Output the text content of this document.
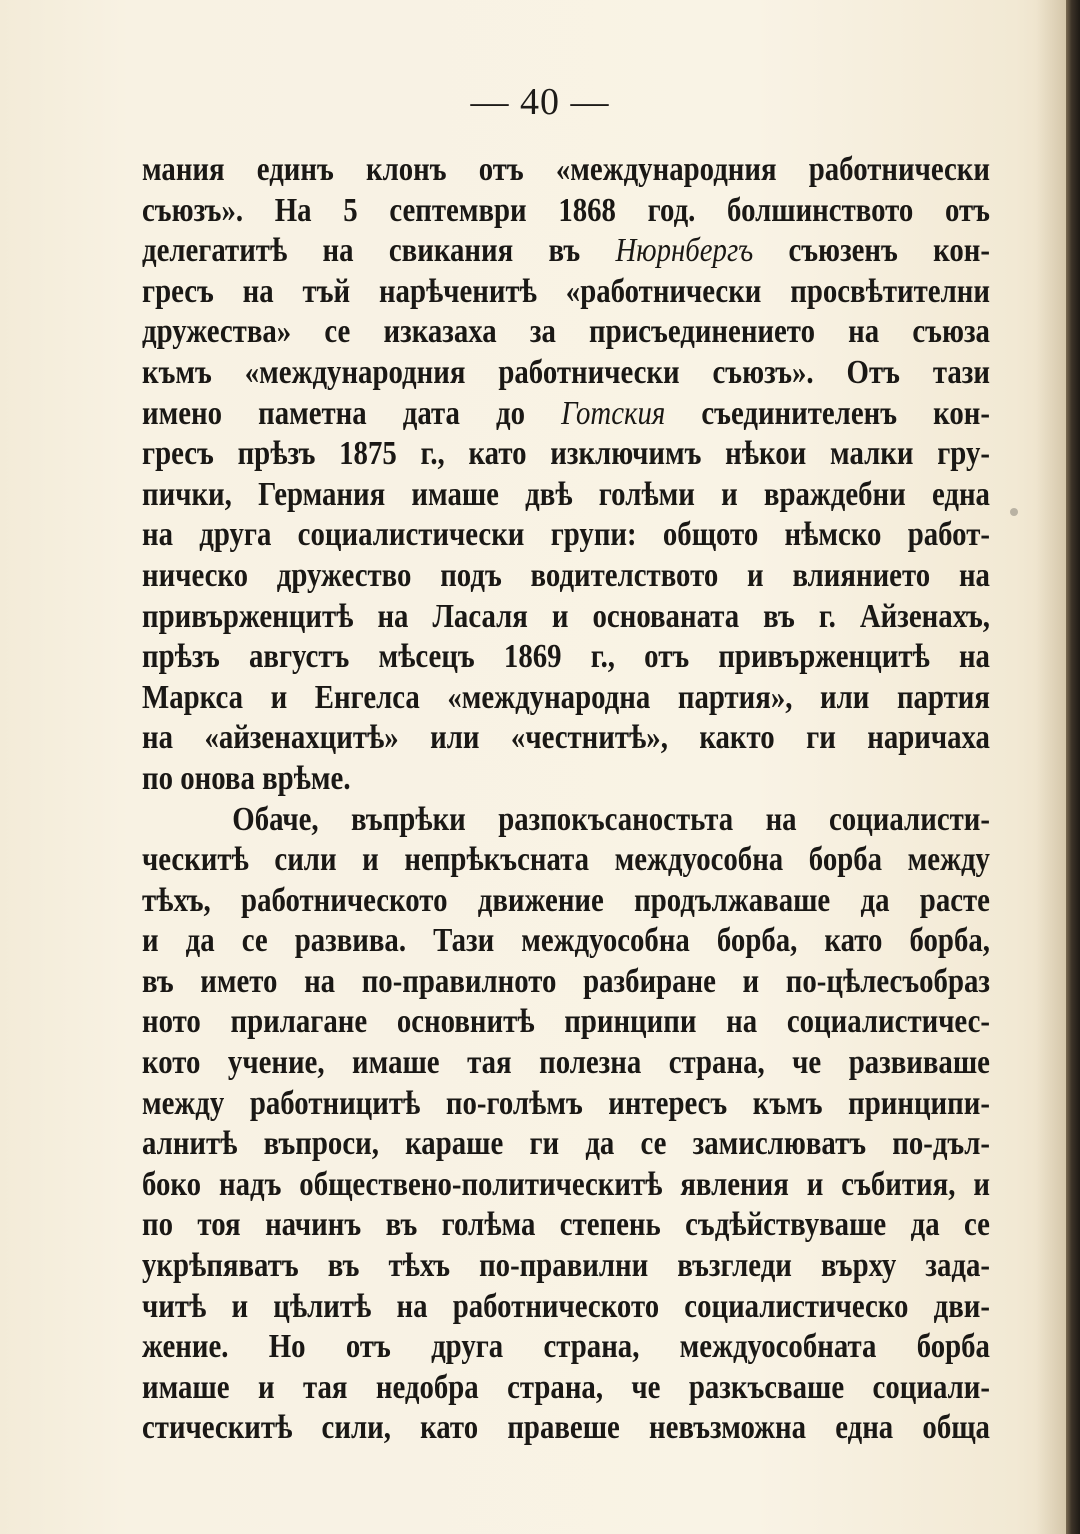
— 40 —
мания единъ клонъ отъ «международния работнически
съюзъ». На 5 септември 1868 год. болшинството отъ
делегатитѣ на свикания въ Нюрнбергъ съюзенъ кон-
гресъ на тъй нарѣченитѣ «работнически просвѣтителни
дружества» се изказаха за присъединението на съюза
къмъ «международния работнически съюзъ». Отъ тази
имено паметна дата до Готския съединителенъ кон-
гресъ прѣзъ 1875 г., като изключимъ нѣкои малки гру-
пички, Германия имаше двѣ голѣми и враждебни една
на друга социалистически групи: общото нѣмско работ-
ническо дружество подъ водителството и влиянието на
привърженцитѣ на Ласаля и основаната въ г. Айзенахъ,
прѣзъ августъ мѣсецъ 1869 г., отъ привърженцитѣ на
Маркса и Енгелса «международна партия», или партия
на «айзенахцитѣ» или «честнитѣ», както ги наричаха
по онова врѣме.
Обаче, въпрѣки разпокъсаностьта на социалисти-
ческитѣ сили и непрѣкъсната междуособна борба между
тѣхъ, работническото движение продължаваше да расте
и да се развива. Тази междуособна борба, като борба,
въ името на по-правилното разбиране и по-цѣлесъобраз
ното прилагане основнитѣ принципи на социалистичес-
кото учение, имаше тая полезна страна, че развиваше
между работницитѣ по-голѣмъ интересъ къмъ принципи-
алнитѣ въпроси, караше ги да се замислюватъ по-дъл-
боко надъ обществено-политическитѣ явления и събития, и
по тоя начинъ въ голѣма степень съдѣйствуваше да се
укрѣпяватъ въ тѣхъ по-правилни възгледи върху зада-
читѣ и цѣлитѣ на работническото социалистическо дви-
жение. Но отъ друга страна, междуособната борба
имаше и тая недобра страна, че разкъсваше социали-
стическитѣ сили, като правеше невъзможна една обща
